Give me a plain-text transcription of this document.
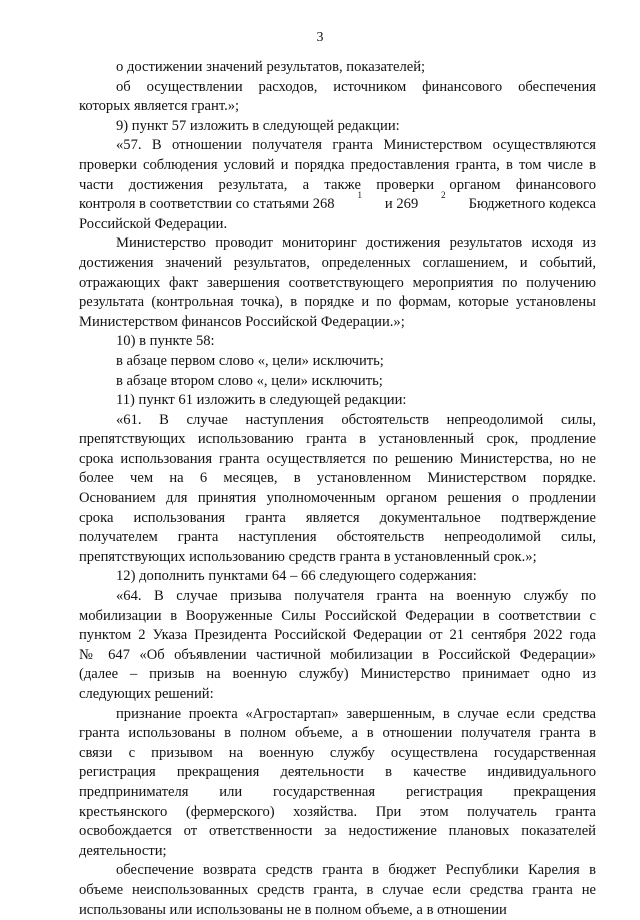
3

о достижении значений результатов, показателей;

об осуществлении расходов, источником финансового обеспечения
которых является грант.»;

9) пункт 57 изложить в следующей редакции:

«57. В отношении получателя гранта Министерством осуществляются
проверки соблюдения условий и порядка предоставления гранта, в том числе в
части достижения результата, а также проверки органом финансового
контроля в соответствии со статьями 268
1
и 269
2
Бюджетного кодекса
Российской Федерации.

Министерство проводит мониторинг достижения результатов исходя из
достижения значений результатов, определенных соглашением, и событий,
отражающих факт завершения соответствующего мероприятия по получению
результата (контрольная точка), в порядке и по формам, которые установлены
Министерством финансов Российской Федерации.»;

10) в пункте 58:

в абзаце первом слово «, цели» исключить;

в абзаце втором слово «, цели» исключить;

11) пункт 61 изложить в следующей редакции:

«61. В случае наступления обстоятельств непреодолимой силы,
препятствующих использованию гранта в установленный срок, продление
срока использования гранта осуществляется по решению Министерства, но не
более чем на 6 месяцев, в установленном Министерством порядке.
Основанием для принятия уполномоченным органом решения о продлении
срока использования гранта является документальное подтверждение
получателем гранта наступления обстоятельств непреодолимой силы,
препятствующих использованию средств гранта в установленный срок.»;

12) дополнить пунктами 64 – 66 следующего содержания:

«64. В случае призыва получателя гранта на военную службу по
мобилизации в Вооруженные Силы Российской Федерации в соответствии с
пунктом 2 Указа Президента Российской Федерации от 21 сентября 2022 года
№ 647 «Об объявлении частичной мобилизации в Российской Федерации»
(далее – призыв на военную службу) Министерство принимает одно из
следующих решений:

признание проекта «Агростартап» завершенным, в случае если средства
гранта использованы в полном объеме, а в отношении получателя гранта в
связи с призывом на военную службу осуществлена государственная
регистрация прекращения деятельности в качестве индивидуального
предпринимателя или государственная регистрация прекращения
крестьянского (фермерского) хозяйства. При этом получатель гранта
освобождается от ответственности за недостижение плановых показателей
деятельности;

обеспечение возврата средств гранта в бюджет Республики Карелия в
объеме неиспользованных средств гранта, в случае если средства гранта не
использованы или использованы не в полном объеме, а в отношении
